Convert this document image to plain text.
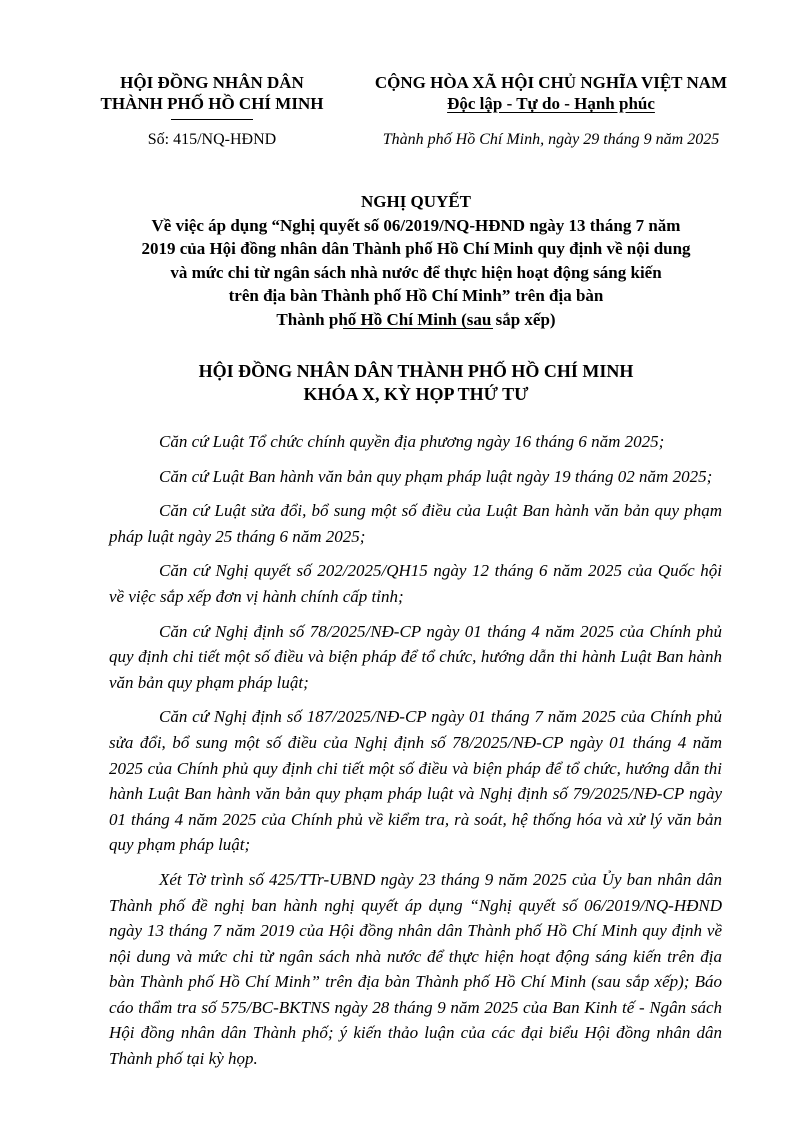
HỘI ĐỒNG NHÂN DÂN
THÀNH PHỐ HỒ CHÍ MINH
Số: 415/NQ-HĐND
CỘNG HÒA XÃ HỘI CHỦ NGHĨA VIỆT NAM
Độc lập - Tự do - Hạnh phúc
Thành phố Hồ Chí Minh, ngày 29 tháng 9 năm 2025
NGHỊ QUYẾT
Về việc áp dụng “Nghị quyết số 06/2019/NQ-HĐND ngày 13 tháng 7 năm
2019 của Hội đồng nhân dân Thành phố Hồ Chí Minh quy định về nội dung
và mức chi từ ngân sách nhà nước để thực hiện hoạt động sáng kiến
trên địa bàn Thành phố Hồ Chí Minh” trên địa bàn
Thành phố Hồ Chí Minh (sau sắp xếp)
HỘI ĐỒNG NHÂN DÂN THÀNH PHỐ HỒ CHÍ MINH
KHÓA X, KỲ HỌP THỨ TƯ

Căn cứ Luật Tổ chức chính quyền địa phương ngày 16 tháng 6 năm 2025;

Căn cứ Luật Ban hành văn bản quy phạm pháp luật ngày 19 tháng 02 năm 2025;

Căn cứ Luật sửa đổi, bổ sung một số điều của Luật Ban hành văn bản quy phạm pháp luật ngày 25 tháng 6 năm 2025;

Căn cứ Nghị quyết số 202/2025/QH15 ngày 12 tháng 6 năm 2025 của Quốc hội về việc sắp xếp đơn vị hành chính cấp tỉnh;

Căn cứ Nghị định số 78/2025/NĐ-CP ngày 01 tháng 4 năm 2025 của Chính phủ quy định chi tiết một số điều và biện pháp để tổ chức, hướng dẫn thi hành Luật Ban hành văn bản quy phạm pháp luật;

Căn cứ Nghị định số 187/2025/NĐ-CP ngày 01 tháng 7 năm 2025 của Chính phủ sửa đổi, bổ sung một số điều của Nghị định số 78/2025/NĐ-CP ngày 01 tháng 4 năm 2025 của Chính phủ quy định chi tiết một số điều và biện pháp để tổ chức, hướng dẫn thi hành Luật Ban hành văn bản quy phạm pháp luật và Nghị định số 79/2025/NĐ-CP ngày 01 tháng 4 năm 2025 của Chính phủ về kiểm tra, rà soát, hệ thống hóa và xử lý văn bản quy phạm pháp luật;

Xét Tờ trình số 425/TTr-UBND ngày 23 tháng 9 năm 2025 của Ủy ban nhân dân Thành phố đề nghị ban hành nghị quyết áp dụng “Nghị quyết số 06/2019/NQ-HĐND ngày 13 tháng 7 năm 2019 của Hội đồng nhân dân Thành phố Hồ Chí Minh quy định về nội dung và mức chi từ ngân sách nhà nước để thực hiện hoạt động sáng kiến trên địa bàn Thành phố Hồ Chí Minh” trên địa bàn Thành phố Hồ Chí Minh (sau sắp xếp); Báo cáo thẩm tra số 575/BC-BKTNS ngày 28 tháng 9 năm 2025 của Ban Kinh tế - Ngân sách Hội đồng nhân dân Thành phố; ý kiến thảo luận của các đại biểu Hội đồng nhân dân Thành phố tại kỳ họp.
